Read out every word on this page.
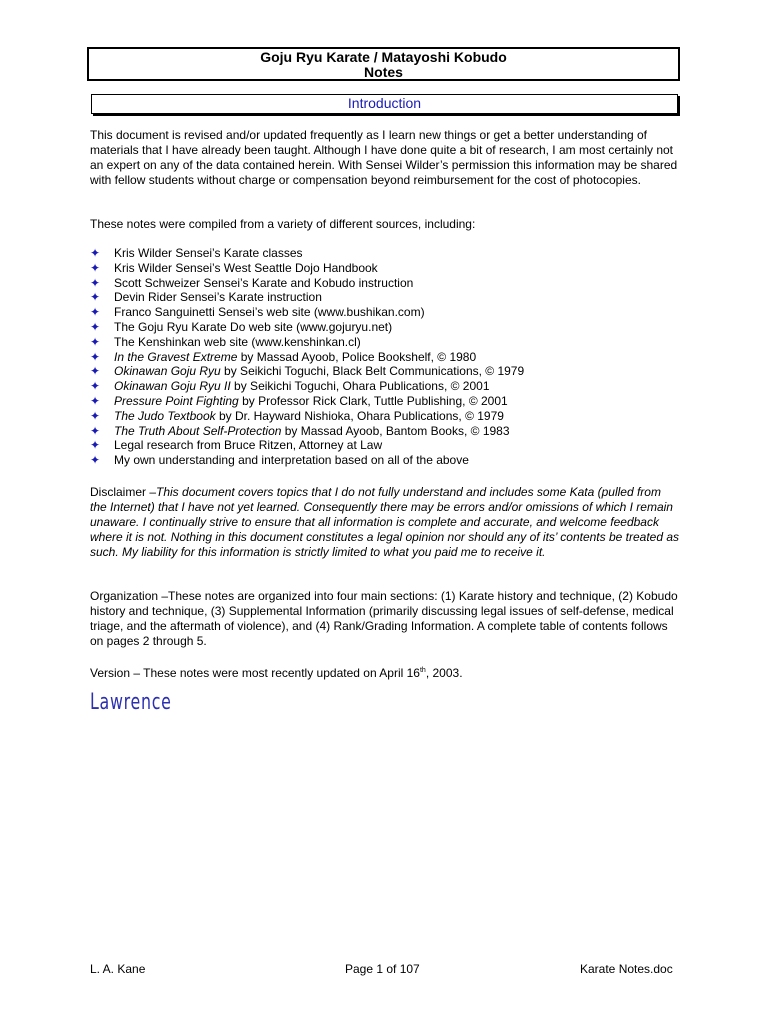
Goju Ryu Karate / Matayoshi Kobudo
Notes
Introduction

This document is revised and/or updated frequently as I learn new things or get a better understanding of materials that I have already been taught. Although I have done quite a bit of research, I am most certainly not an expert on any of the data contained herein. With Sensei Wilder’s permission this information may be shared with fellow students without charge or compensation beyond reimbursement for the cost of photocopies.

These notes were compiled from a variety of different sources, including:

✦ Kris Wilder Sensei’s Karate classes
✦ Kris Wilder Sensei’s West Seattle Dojo Handbook
✦ Scott Schweizer Sensei’s Karate and Kobudo instruction
✦ Devin Rider Sensei’s Karate instruction
✦ Franco Sanguinetti Sensei’s web site (www.bushikan.com)
✦ The Goju Ryu Karate Do web site (www.gojuryu.net)
✦ The Kenshinkan web site (www.kenshinkan.cl)
✦ In the Gravest Extreme by Massad Ayoob, Police Bookshelf, © 1980
✦ Okinawan Goju Ryu by Seikichi Toguchi, Black Belt Communications, © 1979
✦ Okinawan Goju Ryu II by Seikichi Toguchi, Ohara Publications, © 2001
✦ Pressure Point Fighting by Professor Rick Clark, Tuttle Publishing, © 2001
✦ The Judo Textbook by Dr. Hayward Nishioka, Ohara Publications, © 1979
✦ The Truth About Self-Protection by Massad Ayoob, Bantom Books, © 1983
✦ Legal research from Bruce Ritzen, Attorney at Law
✦ My own understanding and interpretation based on all of the above

Disclaimer –This document covers topics that I do not fully understand and includes some Kata (pulled from the Internet) that I have not yet learned. Consequently there may be errors and/or omissions of which I remain unaware. I continually strive to ensure that all information is complete and accurate, and welcome feedback where it is not. Nothing in this document constitutes a legal opinion nor should any of its’ contents be treated as such. My liability for this information is strictly limited to what you paid me to receive it.

Organization –These notes are organized into four main sections: (1) Karate history and technique, (2) Kobudo history and technique, (3) Supplemental Information (primarily discussing legal issues of self-defense, medical triage, and the aftermath of violence), and (4) Rank/Grading Information. A complete table of contents follows on pages 2 through 5.

Version – These notes were most recently updated on April 16th, 2003.

Lawrence
L. A. Kane	Page 1 of 107	Karate Notes.doc
